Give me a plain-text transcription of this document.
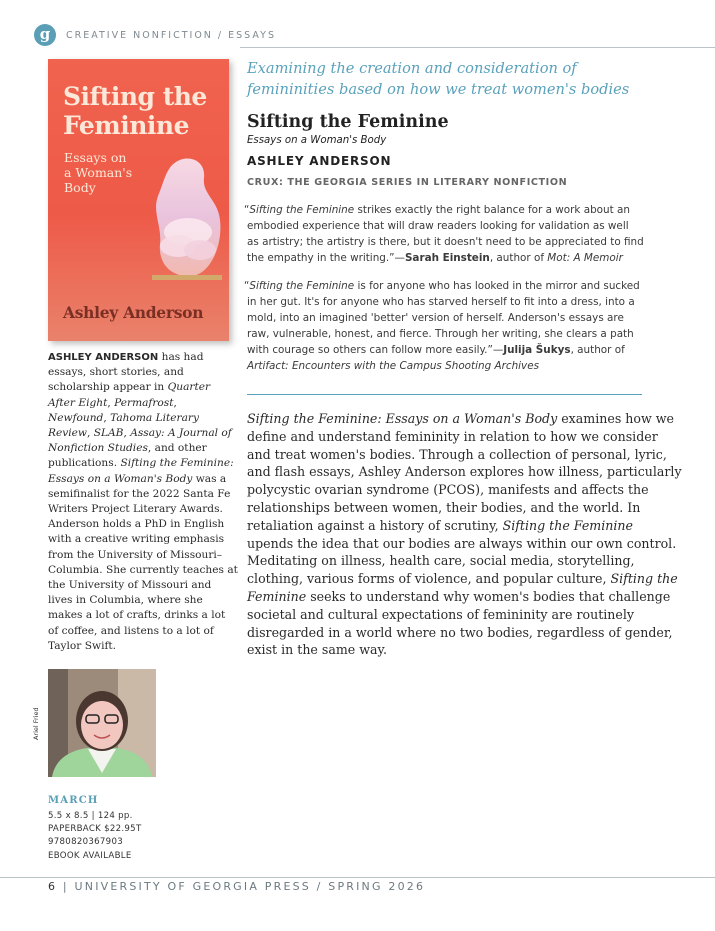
g	CREATIVE NONFICTION / ESSAYS
Sifting the
Feminine
Essays on
a Woman's
Body
Ashley Anderson
ASHLEY ANDERSON has had essays, short stories, and scholarship appear in Quarter After Eight, Permafrost, Newfound, Tahoma Literary Review, SLAB, Assay: A Journal of Nonfiction Studies, and other publications. Sifting the Feminine: Essays on a Woman's Body was a semifinalist for the 2022 Santa Fe Writers Project Literary Awards. Anderson holds a PhD in English with a creative writing emphasis from the University of Missouri–Columbia. She currently teaches at the University of Missouri and lives in Columbia, where she makes a lot of crafts, drinks a lot of coffee, and listens to a lot of Taylor Swift.
Ariel Fried
MARCH
5.5 x 8.5 | 124 pp.
PAPERBACK $22.95T
9780820367903
EBOOK AVAILABLE
Examining the creation and consideration of femininities based on how we treat women's bodies
Sifting the Feminine
Essays on a Woman's Body
ASHLEY ANDERSON
CRUX: THE GEORGIA SERIES IN LITERARY NONFICTION
“Sifting the Feminine strikes exactly the right balance for a work about an
embodied experience that will draw readers looking for validation as well
as artistry; the artistry is there, but it doesn't need to be appreciated to find
the empathy in the writing.”—Sarah Einstein, author of Mot: A Memoir
“Sifting the Feminine is for anyone who has looked in the mirror and sucked
in her gut. It's for anyone who has starved herself to fit into a dress, into a
mold, into an imagined 'better' version of herself. Anderson's essays are
raw, vulnerable, honest, and fierce. Through her writing, she clears a path
with courage so others can follow more easily.”—Julija Šukys, author of
Artifact: Encounters with the Campus Shooting Archives
Sifting the Feminine: Essays on a Woman's Body examines how we
define and understand femininity in relation to how we consider
and treat women's bodies. Through a collection of personal, lyric,
and flash essays, Ashley Anderson explores how illness, particularly
polycystic ovarian syndrome (PCOS), manifests and affects the
relationships between women, their bodies, and the world. In
retaliation against a history of scrutiny, Sifting the Feminine
upends the idea that our bodies are always within our own control.
Meditating on illness, health care, social media, storytelling,
clothing, various forms of violence, and popular culture, Sifting the
Feminine seeks to understand why women's bodies that challenge
societal and cultural expectations of femininity are routinely
disregarded in a world where no two bodies, regardless of gender,
exist in the same way.
6 | UNIVERSITY OF GEORGIA PRESS / SPRING 2026
